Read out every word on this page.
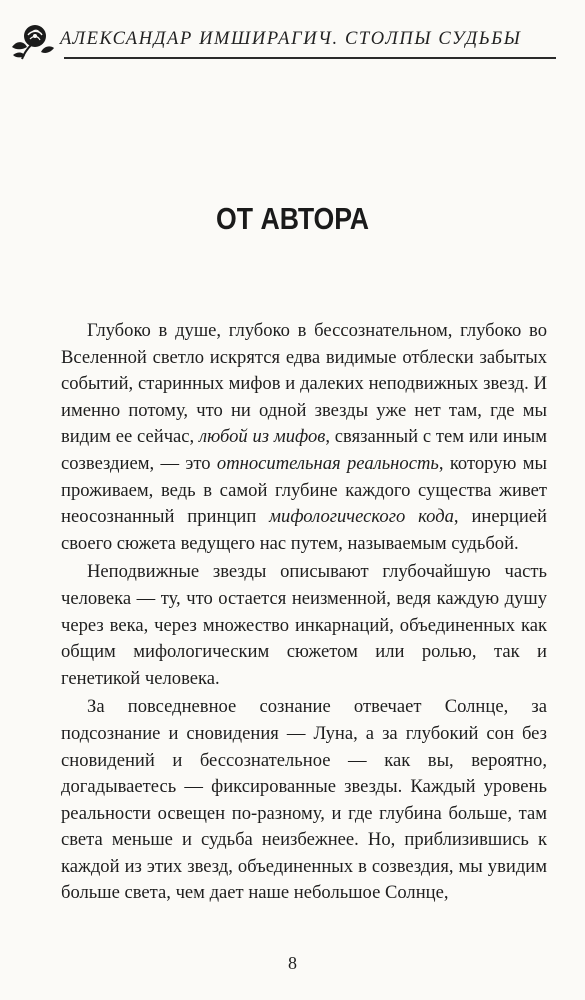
АЛЕКСАНДАР ИМШИРАГИЧ. СТОЛПЫ СУДЬБЫ
ОТ АВТОРА

Глубоко в душе, глубоко в бессознательном, глубоко во Вселенной светло искрятся едва видимые отблески забытых событий, старинных мифов и далеких неподвижных звезд. И именно потому, что ни одной звезды уже нет там, где мы видим ее сейчас, любой из мифов, связанный с тем или иным созвездием, — это относительная реальность, которую мы проживаем, ведь в самой глубине каждого существа живет неосознанный принцип мифологического кода, инерцией своего сюжета ведущего нас путем, называемым судьбой.

Неподвижные звезды описывают глубочайшую часть человека — ту, что остается неизменной, ведя каждую душу через века, через множество инкарнаций, объединенных как общим мифологическим сюжетом или ролью, так и генетикой человека.

За повседневное сознание отвечает Солнце, за подсознание и сновидения — Луна, а за глубокий сон без сновидений и бессознательное — как вы, вероятно, догадываетесь — фиксированные звезды. Каждый уровень реальности освещен по-разному, и где глубина больше, там света меньше и судьба неизбежнее. Но, приблизившись к каждой из этих звезд, объединенных в созвездия, мы увидим больше света, чем дает наше небольшое Солнце,

8
